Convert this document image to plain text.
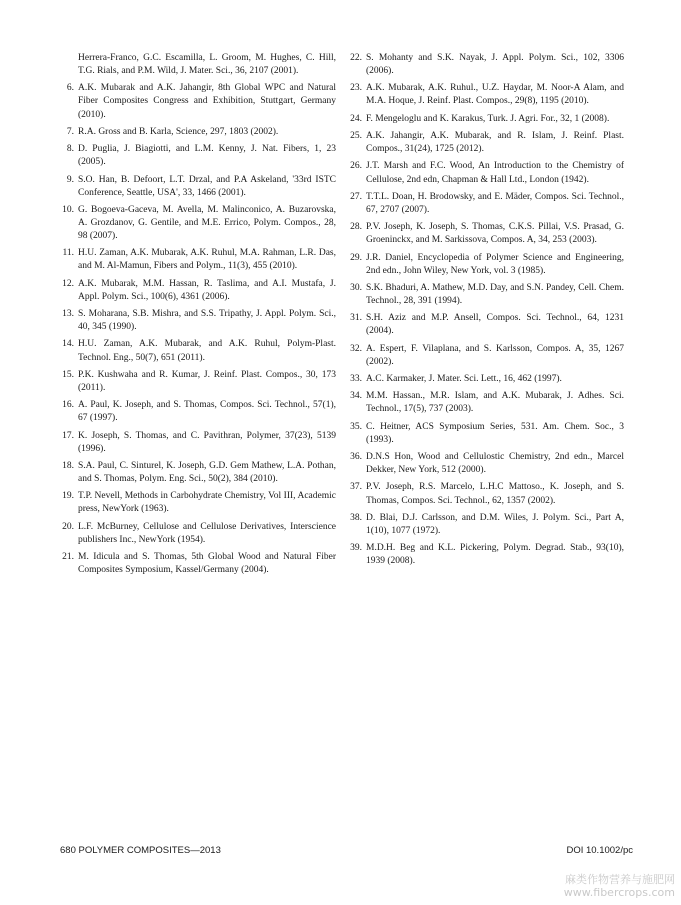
Herrera-Franco, G.C. Escamilla, L. Groom, M. Hughes, C. Hill, T.G. Rials, and P.M. Wild, J. Mater. Sci., 36, 2107 (2001).
6. A.K. Mubarak and A.K. Jahangir, 8th Global WPC and Natural Fiber Composites Congress and Exhibition, Stuttgart, Germany (2010).
7. R.A. Gross and B. Karla, Science, 297, 1803 (2002).
8. D. Puglia, J. Biagiotti, and L.M. Kenny, J. Nat. Fibers, 1, 23 (2005).
9. S.O. Han, B. Defoort, L.T. Drzal, and P.A Askeland, '33rd ISTC Conference, Seattle, USA', 33, 1466 (2001).
10. G. Bogoeva-Gaceva, M. Avella, M. Malinconico, A. Buzarovska, A. Grozdanov, G. Gentile, and M.E. Errico, Polym. Compos., 28, 98 (2007).
11. H.U. Zaman, A.K. Mubarak, A.K. Ruhul, M.A. Rahman, L.R. Das, and M. Al-Mamun, Fibers and Polym., 11(3), 455 (2010).
12. A.K. Mubarak, M.M. Hassan, R. Taslima, and A.I. Mustafa, J. Appl. Polym. Sci., 100(6), 4361 (2006).
13. S. Moharana, S.B. Mishra, and S.S. Tripathy, J. Appl. Polym. Sci., 40, 345 (1990).
14. H.U. Zaman, A.K. Mubarak, and A.K. Ruhul, Polym-Plast. Technol. Eng., 50(7), 651 (2011).
15. P.K. Kushwaha and R. Kumar, J. Reinf. Plast. Compos., 30, 173 (2011).
16. A. Paul, K. Joseph, and S. Thomas, Compos. Sci. Technol., 57(1), 67 (1997).
17. K. Joseph, S. Thomas, and C. Pavithran, Polymer, 37(23), 5139 (1996).
18. S.A. Paul, C. Sinturel, K. Joseph, G.D. Gem Mathew, L.A. Pothan, and S. Thomas, Polym. Eng. Sci., 50(2), 384 (2010).
19. T.P. Nevell, Methods in Carbohydrate Chemistry, Vol III, Academic press, NewYork (1963).
20. L.F. McBurney, Cellulose and Cellulose Derivatives, Interscience publishers Inc., NewYork (1954).
21. M. Idicula and S. Thomas, 5th Global Wood and Natural Fiber Composites Symposium, Kassel/Germany (2004).
22. S. Mohanty and S.K. Nayak, J. Appl. Polym. Sci., 102, 3306 (2006).
23. A.K. Mubarak, A.K. Ruhul., U.Z. Haydar, M. Noor-A Alam, and M.A. Hoque, J. Reinf. Plast. Compos., 29(8), 1195 (2010).
24. F. Mengeloglu and K. Karakus, Turk. J. Agri. For., 32, 1 (2008).
25. A.K. Jahangir, A.K. Mubarak, and R. Islam, J. Reinf. Plast. Compos., 31(24), 1725 (2012).
26. J.T. Marsh and F.C. Wood, An Introduction to the Chemistry of Cellulose, 2nd edn, Chapman & Hall Ltd., London (1942).
27. T.T.L. Doan, H. Brodowsky, and E. Mäder, Compos. Sci. Technol., 67, 2707 (2007).
28. P.V. Joseph, K. Joseph, S. Thomas, C.K.S. Pillai, V.S. Prasad, G. Groeninckx, and M. Sarkissova, Compos. A, 34, 253 (2003).
29. J.R. Daniel, Encyclopedia of Polymer Science and Engineering, 2nd edn., John Wiley, New York, vol. 3 (1985).
30. S.K. Bhaduri, A. Mathew, M.D. Day, and S.N. Pandey, Cell. Chem. Technol., 28, 391 (1994).
31. S.H. Aziz and M.P. Ansell, Compos. Sci. Technol., 64, 1231 (2004).
32. A. Espert, F. Vilaplana, and S. Karlsson, Compos. A, 35, 1267 (2002).
33. A.C. Karmaker, J. Mater. Sci. Lett., 16, 462 (1997).
34. M.M. Hassan., M.R. Islam, and A.K. Mubarak, J. Adhes. Sci. Technol., 17(5), 737 (2003).
35. C. Heitner, ACS Symposium Series, 531. Am. Chem. Soc., 3 (1993).
36. D.N.S Hon, Wood and Cellulostic Chemistry, 2nd edn., Marcel Dekker, New York, 512 (2000).
37. P.V. Joseph, R.S. Marcelo, L.H.C Mattoso., K. Joseph, and S. Thomas, Compos. Sci. Technol., 62, 1357 (2002).
38. D. Blai, D.J. Carlsson, and D.M. Wiles, J. Polym. Sci., Part A, 1(10), 1077 (1972).
39. M.D.H. Beg and K.L. Pickering, Polym. Degrad. Stab., 93(10), 1939 (2008).
680 POLYMER COMPOSITES—2013	DOI 10.1002/pc
麻类作物营养与施肥网
www.fibercrops.com
